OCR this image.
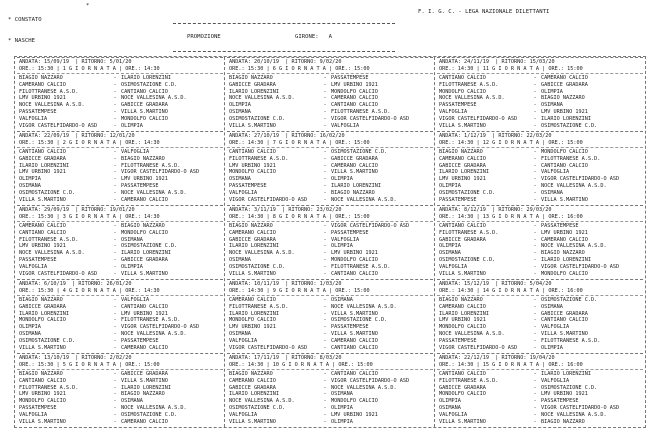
* CONSTATO

* NASCHE

*
F. I. G. C. - LEGA NAZIONALE DILETTANTI
PROMOZIONE	GIRONE:   A
ANDATA: 15/09/19  | RITORNO: 5/01/20
ORE.: 15:30 | 1 G I O R N A T A | ORE.: 14:30
BIAGIO NAZZARO	- ILARIO LORENZINI
CAMERANO CALCIO	- OSIMOSTAZIONE C.D.
FILOTTRANESE A.S.D.	- CANTIANO CALCIO
LMV URBINO 1921	- NOCE VALLESINA A.S.D.
NOCE VALLESINA A.S.D.	- GABICCE GRADARA
PASSATEMPESE	- VILLA S.MARTINO
VALFOGLIA	- MONDOLFO CALCIO
VIGOR CASTELFIDARDO-O ASD	- OLIMPIA
ANDATA: 20/10/19  | RITORNO: 9/02/20
ORE.: 15:30 | 6 G I O R N A T A | ORE.: 15:00
BIAGIO NAZZARO	- PASSATEMPESE
GABICCE GRADARA	- LMV URBINO 1921
ILARIO LORENZINI	- MONDOLFO CALCIO
NOCE VALLESINA A.S.D.	- CAMERANO CALCIO
OLIMPIA	- CANTIANO CALCIO
OSIMANA	- FILOTTRANESE A.S.D.
OSIMOSTAZIONE C.D.	- VIGOR CASTELFIDARDO-O ASD
VILLA S.MARTINO	- VALFOGLIA
ANDATA: 24/11/19  | RITORNO: 15/03/20
ORE.: 14:30 | 11 G I O R N A T A | ORE.: 15:00
CANTIANO CALCIO	- CAMERANO CALCIO
FILOTTRANESE A.S.D.	- GABICCE GRADARA
MONDOLFO CALCIO	- OLIMPIA
NOCE VALLESINA A.S.D.	- BIAGIO NAZZARO
PASSATEMPESE	- OSIMANA
VALFOGLIA	- LMV URBINO 1921
VIGOR CASTELFIDARDO-O ASD	- ILARIO LORENZINI
VILLA S.MARTINO	- OSIMOSTAZIONE C.D.
ANDATA: 22/09/19  | RITORNO: 12/01/20
ORE.: 15:30 | 2 G I O R N A T A | ORE.: 14:30
CANTIANO CALCIO	- VALFOGLIA
GABICCE GRADARA	- BIAGIO NAZZARO
ILARIO LORENZINI	- FILOTTRANESE A.S.D.
LMV URBINO 1921	- VIGOR CASTELFIDARDO-O ASD
OLIMPIA	- LMV URBINO 1921
OSIMANA	- PASSATEMPESE
OSIMOSTAZIONE C.D.	- NOCE VALLESINA A.S.D.
VILLA S.MARTINO	- CAMERANO CALCIO
ANDATA: 27/10/19  | RITORNO: 16/02/20
ORE.: 14:30 | 7 G I O R N A T A | ORE.: 15:00
CANTIANO CALCIO	- OSIMOSTAZIONE C.D.
FILOTTRANESE A.S.D.	- GABICCE GRADARA
LMV URBINO 1921	- CAMERANO CALCIO
MONDOLFO CALCIO	- VILLA S.MARTINO
OSIMANA	- OLIMPIA
PASSATEMPESE	- ILARIO LORENZINI
VALFOGLIA	- BIAGIO NAZZARO
VIGOR CASTELFIDARDO-O ASD	- NOCE VALLESINA A.S.D.
ANDATA: 1/12/19  | RITORNO: 22/03/20
ORE.: 14:30 | 12 G I O R N A T A | ORE.: 15:00
BIAGIO NAZZARO	- MONDOLFO CALCIO
CAMERANO CALCIO	- FILOTTRANESE A.S.D.
GABICCE GRADARA	- CANTIANO CALCIO
ILARIO LORENZINI	- VALFOGLIA
LMV URBINO 1921	- VIGOR CASTELFIDARDO-O ASD
OLIMPIA	- NOCE VALLESINA A.S.D.
OSIMOSTAZIONE C.D.	- OSIMANA
PASSATEMPESE	- VILLA S.MARTINO
ANDATA: 29/09/19  | RITORNO: 19/01/20
ORE.: 15:30 | 3 G I O R N A T A | ORE.: 14:30
CAMERANO CALCIO	- BIAGIO NAZZARO
CANTIANO CALCIO	- MONDOLFO CALCIO
FILOTTRANESE A.S.D.	- OSIMANA
LMV URBINO 1921	- OSIMOSTAZIONE C.D.
NOCE VALLESINA A.S.D.	- ILARIO LORENZINI
PASSATEMPESE	- GABICCE GRADARA
VALFOGLIA	- OLIMPIA
VIGOR CASTELFIDARDO-O ASD	- VILLA S.MARTINO
ANDATA: 3/11/19  | RITORNO: 23/02/20
ORE.: 14:30 | 8 G I O R N A T A | ORE.: 15:00
BIAGIO NAZZARO	- VIGOR CASTELFIDARDO-O ASD
CAMERANO CALCIO	- PASSATEMPESE
GABICCE GRADARA	- VALFOGLIA
ILARIO LORENZINI	- OLIMPIA
NOCE VALLESINA A.S.D.	- LMV URBINO 1921
OSIMANA	- MONDOLFO CALCIO
OSIMOSTAZIONE C.D.	- FILOTTRANESE A.S.D.
VILLA S.MARTINO	- CANTIANO CALCIO
ANDATA: 8/12/19  | RITORNO: 29/03/20
ORE.: 14:30 | 13 G I O R N A T A | ORE.: 16:00
CANTIANO CALCIO	- PASSATEMPESE
FILOTTRANESE A.S.D.	- LMV URBINO 1921
GABICCE GRADARA	- CAMERANO CALCIO
OLIMPIA	- NOCE VALLESINA A.S.D.
OSIMANA	- BIAGIO NAZZARO
OSIMOSTAZIONE C.D.	- ILARIO LORENZINI
VALFOGLIA	- VIGOR CASTELFIDARDO-O ASD
VILLA S.MARTINO	- MONDOLFO CALCIO
ANDATA: 6/10/19  | RITORNO: 26/01/20
ORE.: 15:30 | 4 G I O R N A T A | ORE.: 14:30
BIAGIO NAZZARO	- VALFOGLIA
GABICCE GRADARA	- CANTIANO CALCIO
ILARIO LORENZINI	- LMV URBINO 1921
MONDOLFO CALCIO	- FILOTTRANESE A.S.D.
OLIMPIA	- VIGOR CASTELFIDARDO-O ASD
OSIMANA	- NOCE VALLESINA A.S.D.
OSIMOSTAZIONE C.D.	- PASSATEMPESE
VILLA S.MARTINO	- CAMERANO CALCIO
ANDATA: 10/11/19  | RITORNO: 1/03/20
ORE.: 14:30 | 9 G I O R N A T A | ORE.: 15:00
CAMERANO CALCIO	- OSIMANA
FILOTTRANESE A.S.D.	- NOCE VALLESINA A.S.D.
ILARIO LORENZINI	- VILLA S.MARTINO
MONDOLFO CALCIO	- OSIMOSTAZIONE C.D.
LMV URBINO 1921	- PASSATEMPESE
OSIMANA	- VILLA S.MARTINO
VALFOGLIA	- CAMERANO CALCIO
VIGOR CASTELFIDARDO-O ASD	- CANTIANO CALCIO
ANDATA: 15/12/19  | RITORNO: 5/04/20
ORE.: 14:30 | 14 G I O R N A T A | ORE.: 16:00
BIAGIO NAZZARO	- OSIMOSTAZIONE C.D.
CAMERANO CALCIO	- OSIMANA
ILARIO LORENZINI	- GABICCE GRADARA
LMV URBINO 1921	- CANTIANO CALCIO
MONDOLFO CALCIO	- VALFOGLIA
NOCE VALLESINA A.S.D.	- VILLA S.MARTINO
PASSATEMPESE	- FILOTTRANESE A.S.D.
VIGOR CASTELFIDARDO-O ASD	- OLIMPIA
ANDATA: 13/10/19  | RITORNO: 2/02/20
ORE.: 15:30 | 5 G I O R N A T A | ORE.: 15:00
BIAGIO NAZZARO	- GABICCE GRADARA
CANTIANO CALCIO	- VILLA S.MARTINO
FILOTTRANESE A.S.D.	- ILARIO LORENZINI
LMV URBINO 1921	- BIAGIO NAZZARO
MONDOLFO CALCIO	- OSIMANA
PASSATEMPESE	- NOCE VALLESINA A.S.D.
VALFOGLIA	- OSIMOSTAZIONE C.D.
VILLA S.MARTINO	- CAMERANO CALCIO
ANDATA: 17/11/19  | RITORNO: 8/03/20
ORE.: 14:30 | 10 G I O R N A T A | ORE.: 15:00
BIAGIO NAZZARO	- CANTIANO CALCIO
CAMERANO CALCIO	- VIGOR CASTELFIDARDO-O ASD
GABICCE GRADARA	- NOCE VALLESINA A.S.D.
ILARIO LORENZINI	- OSIMANA
NOCE VALLESINA A.S.D.	- MONDOLFO CALCIO
OSIMOSTAZIONE C.D.	- OLIMPIA
VALFOGLIA	- LMV URBINO 1921
VILLA S.MARTINO	- OLIMPIA
ANDATA: 22/12/19  | RITORNO: 19/04/20
ORE.: 14:30 | 15 G I O R N A T A | ORE.: 16:00
CANTIANO CALCIO	- ILARIO LORENZINI
FILOTTRANESE A.S.D.	- VALFOGLIA
GABICCE GRADARA	- OSIMOSTAZIONE C.D.
MONDOLFO CALCIO	- LMV URBINO 1921
OLIMPIA	- PASSATEMPESE
OSIMANA	- VIGOR CASTELFIDARDO-O ASD
VALFOGLIA	- NOCE VALLESINA A.S.D.
VILLA S.MARTINO	- BIAGIO NAZZARO
